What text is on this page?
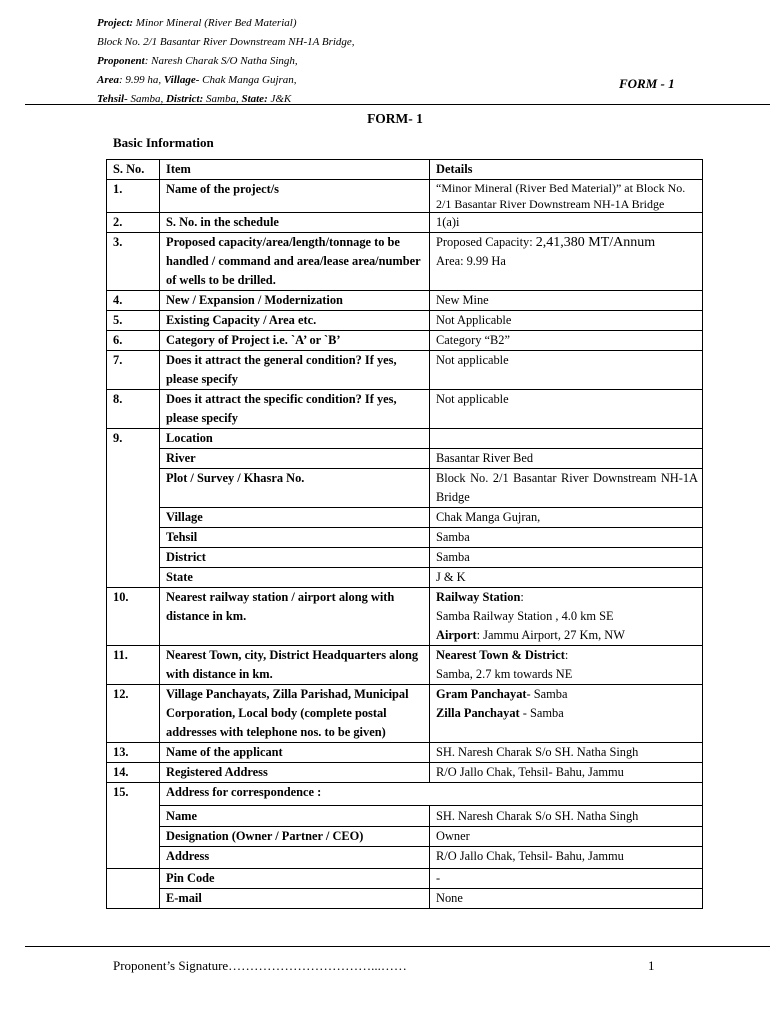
Project: Minor Mineral (River Bed Material)
Block No. 2/1 Basantar River Downstream NH-1A Bridge,
Proponent: Naresh Charak S/O Natha Singh,
Area: 9.99 ha, Village- Chak Manga Gujran,
Tehsil- Samba, District: Samba, State: J&K
FORM - 1
FORM- 1
Basic Information
S. No.	Item	Details
1.	Name of the project/s	“Minor Mineral (River Bed Material)” at Block No. 2/1 Basantar River Downstream NH-1A Bridge
2.	S. No. in the schedule	1(a)i
3.	Proposed capacity/area/length/tonnage to be handled / command and area/lease area/number of wells to be drilled.	Proposed Capacity: 2,41,380 MT/Annum
Area: 9.99 Ha
4.	New / Expansion / Modernization	New Mine
5.	Existing Capacity / Area etc.	Not Applicable
6.	Category of Project i.e. `A’ or `B’	Category “B2”
7.	Does it attract the general condition? If yes, please specify	Not applicable
8.	Does it attract the specific condition? If yes, please specify	Not applicable
9.	Location	
	River	Basantar River Bed
	Plot / Survey / Khasra No.	Block No. 2/1 Basantar River Downstream NH-1A Bridge
	Village	Chak Manga Gujran,
	Tehsil	Samba
	District	Samba
	State	J & K
10.	Nearest railway station / airport along with distance in km.	Railway Station:
Samba Railway Station , 4.0 km SE
Airport: Jammu Airport, 27 Km, NW
11.	Nearest Town, city, District Headquarters along with distance in km.	Nearest Town & District:
Samba, 2.7 km towards NE
12.	Village Panchayats, Zilla Parishad, Municipal Corporation, Local body (complete postal addresses with telephone nos. to be given)	Gram Panchayat- Samba
Zilla Panchayat - Samba
13.	Name of the applicant	SH. Naresh Charak S/o SH. Natha Singh
14.	Registered Address	R/O Jallo Chak, Tehsil- Bahu, Jammu
15.	Address for correspondence :	
	Name	SH. Naresh Charak S/o SH. Natha Singh
	Designation (Owner / Partner / CEO)	Owner
	Address	R/O Jallo Chak, Tehsil- Bahu, Jammu
	Pin Code	-
	E-mail	None
Proponent’s Signature……………………………...……	1
